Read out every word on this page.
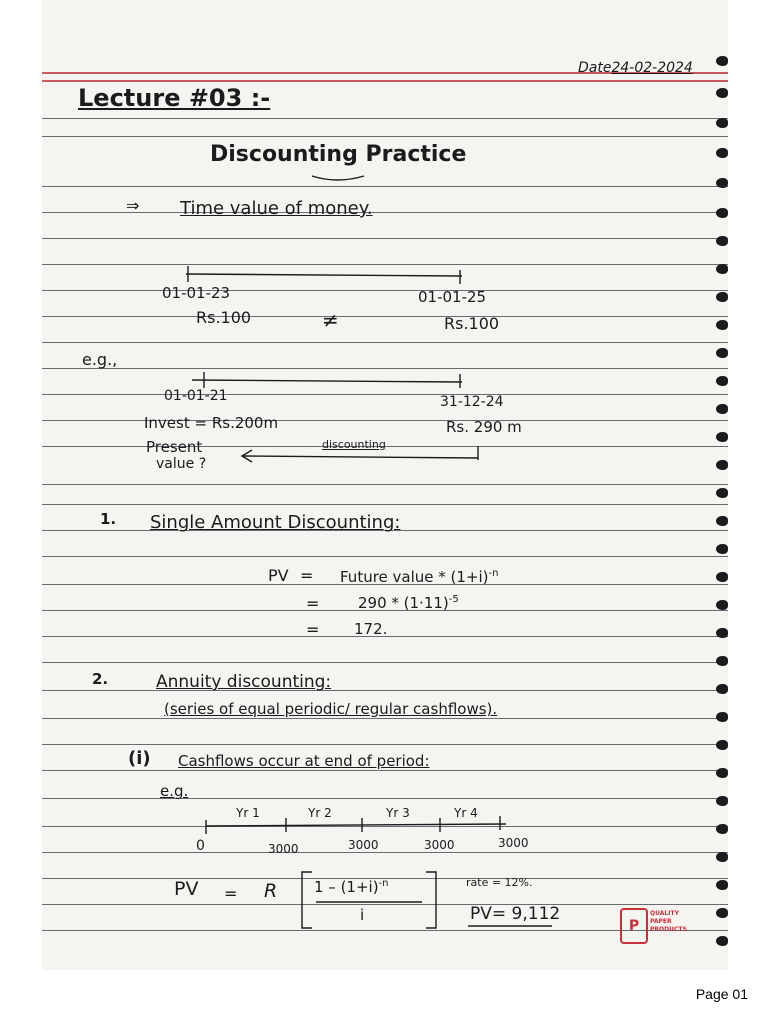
Date24-02-2024
Lecture #03 :-
Discounting Practice
⇒ Time value of money.
01-01-23	01-01-25
Rs.100	≠	Rs.100
e.g.,
01-01-21	31-12-24
Invest = Rs.200m	Rs. 290 m
Present
value ?
discounting
1. Single Amount Discounting:
PV = Future value * $(1+i)^{-n}$
=	$290 * (1\cdot 11)^{-5}$
= 172.
2.	Annuity discounting:
(series of equal periodic/ regular cashflows).
(i) Cashflows occur at end of period:
e.g.
Yr 1	Yr 2	Yr 3	Yr 4
0	3000	3000	3000	3000
PV = R $1 - (1+i)^{-n}$
i
rate = 12%.
PV= 9,112
P
QUALITY
PAPER
PRODUCTS
Page 01
